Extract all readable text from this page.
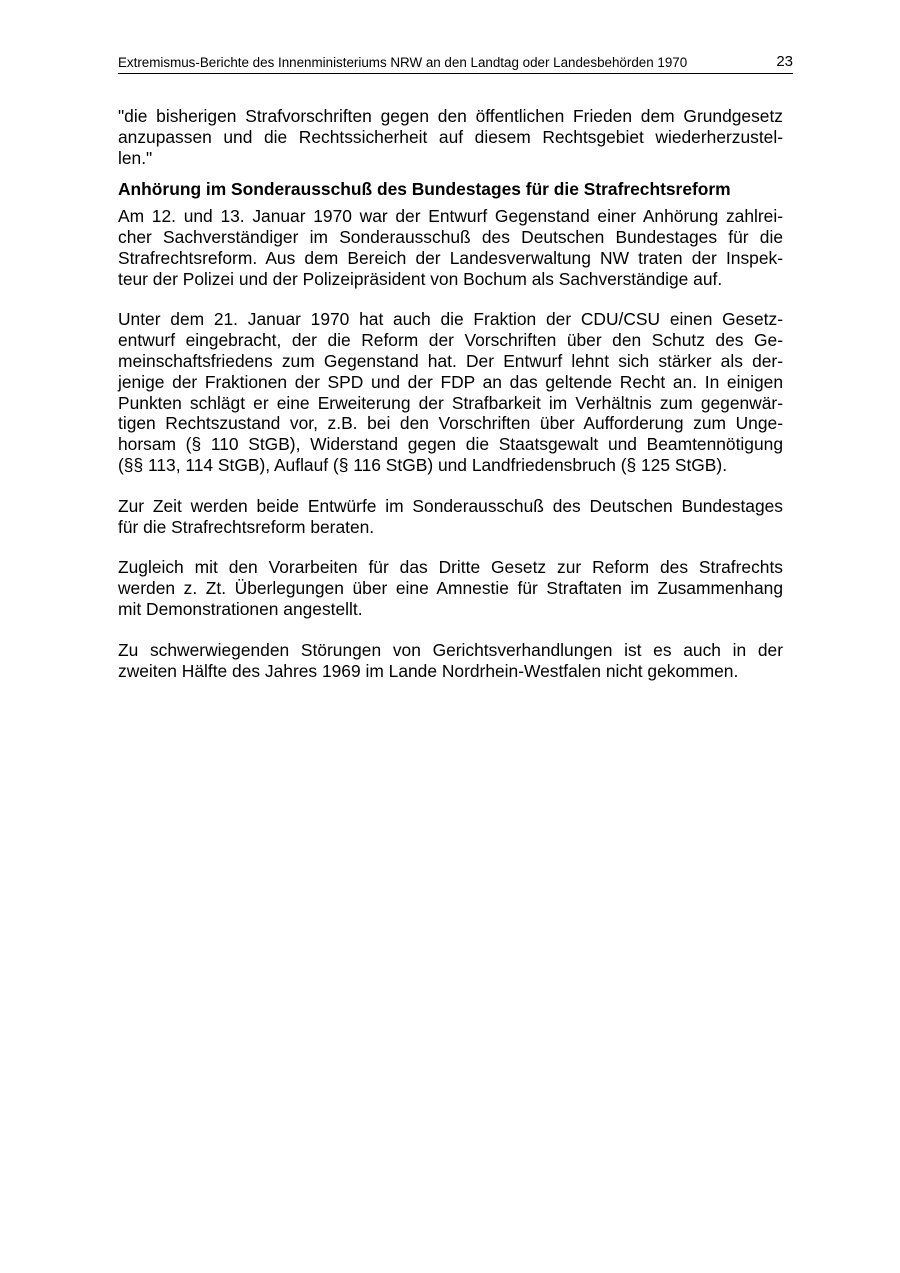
Extremismus-Berichte des Innenministeriums NRW an den Landtag oder Landesbehörden 1970	23

"die bisherigen Strafvorschriften gegen den öffentlichen Frieden dem Grundgesetz
anzupassen und die Rechtssicherheit auf diesem Rechtsgebiet wiederherzustel-
len."

Anhörung im Sonderausschuß des Bundestages für die Strafrechtsreform

Am 12. und 13. Januar 1970 war der Entwurf Gegenstand einer Anhörung zahlrei-
cher Sachverständiger im Sonderausschuß des Deutschen Bundestages für die
Strafrechtsreform. Aus dem Bereich der Landesverwaltung NW traten der Inspek-
teur der Polizei und der Polizeipräsident von Bochum als Sachverständige auf.

Unter dem 21. Januar 1970 hat auch die Fraktion der CDU/CSU einen Gesetz-
entwurf eingebracht, der die Reform der Vorschriften über den Schutz des Ge-
meinschaftsfriedens zum Gegenstand hat. Der Entwurf lehnt sich stärker als der-
jenige der Fraktionen der SPD und der FDP an das geltende Recht an. In einigen
Punkten schlägt er eine Erweiterung der Strafbarkeit im Verhältnis zum gegenwär-
tigen Rechtszustand vor, z.B. bei den Vorschriften über Aufforderung zum Unge-
horsam (§ 110 StGB), Widerstand gegen die Staatsgewalt und Beamtennötigung
(§§ 113, 114 StGB), Auflauf (§ 116 StGB) und Landfriedensbruch (§ 125 StGB).

Zur Zeit werden beide Entwürfe im Sonderausschuß des Deutschen Bundestages
für die Strafrechtsreform beraten.

Zugleich mit den Vorarbeiten für das Dritte Gesetz zur Reform des Strafrechts
werden z. Zt. Überlegungen über eine Amnestie für Straftaten im Zusammenhang
mit Demonstrationen angestellt.

Zu schwerwiegenden Störungen von Gerichtsverhandlungen ist es auch in der
zweiten Hälfte des Jahres 1969 im Lande Nordrhein-Westfalen nicht gekommen.
